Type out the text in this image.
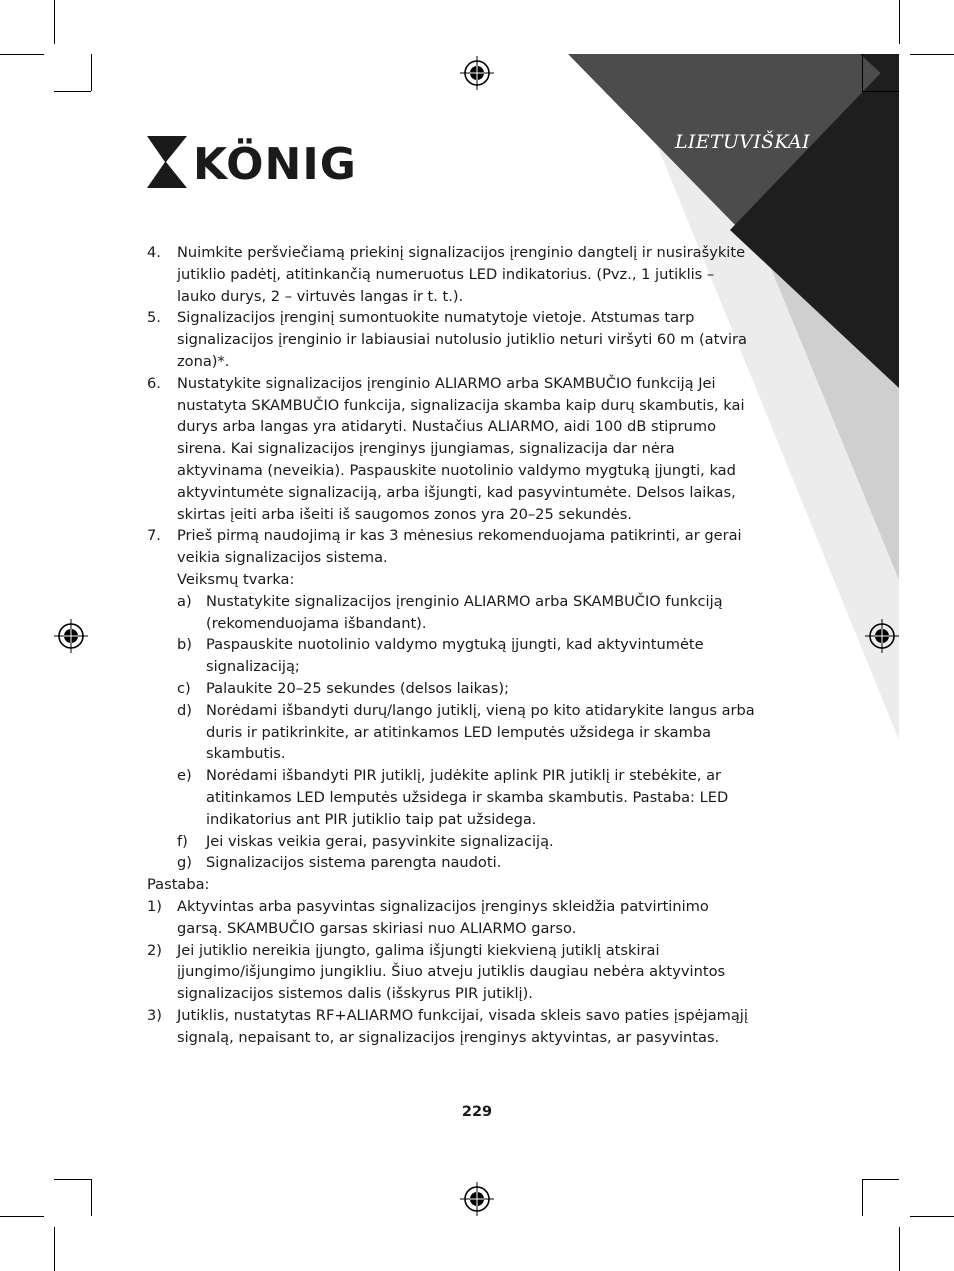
KÖNIG	LIETUVIŠKAI
4. Nuimkite peršviečiamą priekinį signalizacijos įrenginio dangtelį ir nusirašykite jutiklio padėtį, atitinkančią numeruotus LED indikatorius. (Pvz., 1 jutiklis – lauko durys, 2 – virtuvės langas ir t. t.).
5. Signalizacijos įrenginį sumontuokite numatytoje vietoje. Atstumas tarp signalizacijos įrenginio ir labiausiai nutolusio jutiklio neturi viršyti 60 m (atvira zona)*.
6. Nustatykite signalizacijos įrenginio ALIARMO arba SKAMBUČIO funkciją Jei nustatyta SKAMBUČIO funkcija, signalizacija skamba kaip durų skambutis, kai durys arba langas yra atidaryti. Nustačius ALIARMO, aidi 100 dB stiprumo sirena. Kai signalizacijos įrenginys įjungiamas, signalizacija dar nėra aktyvinama (neveikia). Paspauskite nuotolinio valdymo mygtuką įjungti, kad aktyvintumėte signalizaciją, arba išjungti, kad pasyvintumėte. Delsos laikas, skirtas įeiti arba išeiti iš saugomos zonos yra 20–25 sekundės.
7. Prieš pirmą naudojimą ir kas 3 mėnesius rekomenduojama patikrinti, ar gerai veikia signalizacijos sistema.
Veiksmų tvarka:
a) Nustatykite signalizacijos įrenginio ALIARMO arba SKAMBUČIO funkciją (rekomenduojama išbandant).
b) Paspauskite nuotolinio valdymo mygtuką įjungti, kad aktyvintumėte signalizaciją;
c) Palaukite 20–25 sekundes (delsos laikas);
d) Norėdami išbandyti durų/lango jutiklį, vieną po kito atidarykite langus arba duris ir patikrinkite, ar atitinkamos LED lemputės užsidega ir skamba skambutis.
e) Norėdami išbandyti PIR jutiklį, judėkite aplink PIR jutiklį ir stebėkite, ar atitinkamos LED lemputės užsidega ir skamba skambutis. Pastaba: LED indikatorius ant PIR jutiklio taip pat užsidega.
f) Jei viskas veikia gerai, pasyvinkite signalizaciją.
g) Signalizacijos sistema parengta naudoti.
Pastaba:
1) Aktyvintas arba pasyvintas signalizacijos įrenginys skleidžia patvirtinimo garsą. SKAMBUČIO garsas skiriasi nuo ALIARMO garso.
2) Jei jutiklio nereikia įjungto, galima išjungti kiekvieną jutiklį atskirai įjungimo/išjungimo jungikliu. Šiuo atveju jutiklis daugiau nebėra aktyvintos signalizacijos sistemos dalis (išskyrus PIR jutiklį).
3) Jutiklis, nustatytas RF+ALIARMO funkcijai, visada skleis savo paties įspėjamąjį signalą, nepaisant to, ar signalizacijos įrenginys aktyvintas, ar pasyvintas.
229
